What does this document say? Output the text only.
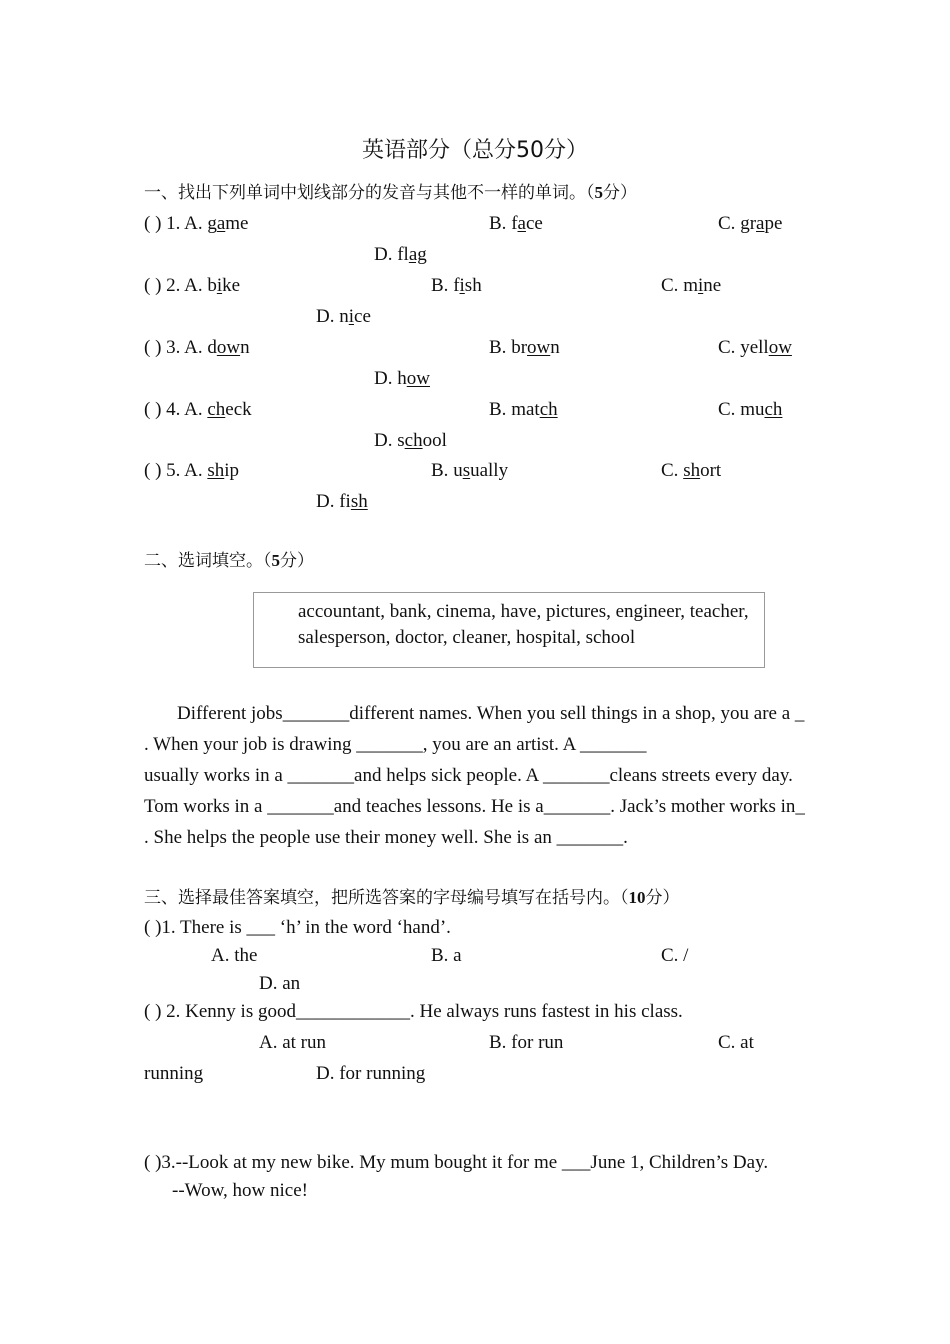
英语部分（总分50分）
一、找出下列单词中划线部分的发音与其他不一样的单词。（5分）
( ) 1. A. game	B. face	C. grape
D. flag
( ) 2. A. bike	B. fish	C. mine
D. nice
( ) 3. A. down	B. brown	C. yellow
D. how
( ) 4. A. check	B. match	C. much
D. school
( ) 5. A. ship	B. usually	C. short
D. fish
二、选词填空。（5分）
accountant, bank, cinema, have, pictures, engineer, teacher, salesperson, doctor, cleaner, hospital, school
Different jobs_______different names. When you sell things in a shop, you are a _
. When your job is drawing _______, you are an artist. A _______
usually works in a _______and helps sick people. A _______cleans streets every day.
Tom works in a _______and teaches lessons. He is a_______. Jack’s mother works in_
. She helps the people use their money well. She is an _______.
三、选择最佳答案填空，把所选答案的字母编号填写在括号内。（10分）
( )1. There is ___ ‘h’ in the word ‘hand’.
A. the	B. a	C. /
D. an
( ) 2. Kenny is good____________. He always runs fastest in his class.
A. at run	B. for run	C. at
running	D. for running
( )3.--Look at my new bike. My mum bought it for me ___June 1, Children’s Day.
--Wow, how nice!
